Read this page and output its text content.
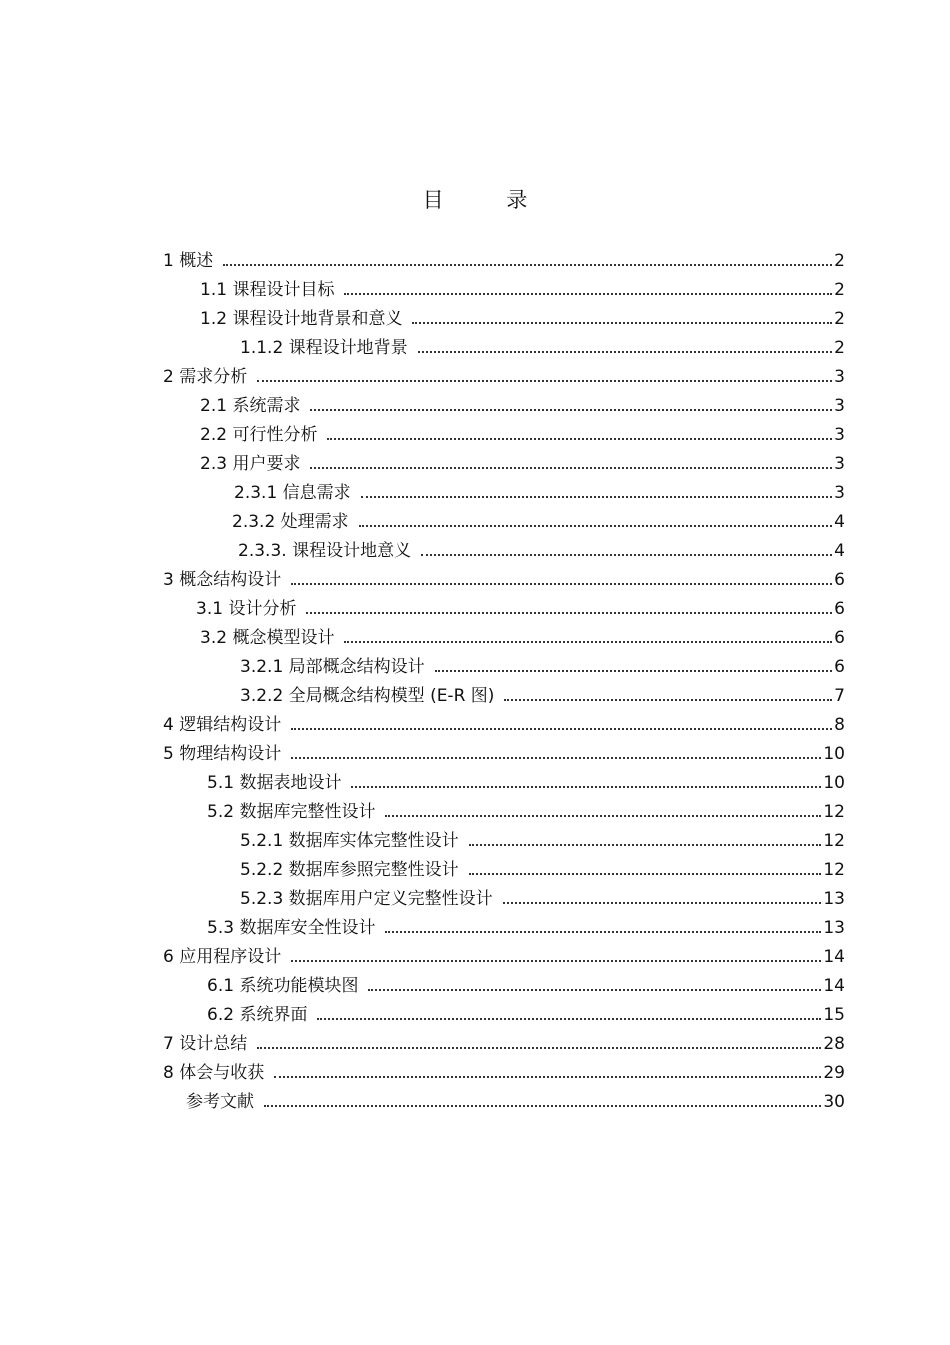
目 录
1 概述	2
1.1 课程设计目标	2
1.2 课程设计地背景和意义	2
1.1.2 课程设计地背景	2
2 需求分析	3
2.1 系统需求	3
2.2 可行性分析	3
2.3 用户要求	3
2.3.1 信息需求	3
2.3.2 处理需求	4
2.3.3. 课程设计地意义	4
3 概念结构设计	6
3.1 设计分析	6
3.2 概念模型设计	6
3.2.1 局部概念结构设计	6
3.2.2 全局概念结构模型 (E-R 图)	7
4 逻辑结构设计	8
5 物理结构设计	10
5.1 数据表地设计	10
5.2 数据库完整性设计	12
5.2.1 数据库实体完整性设计	12
5.2.2 数据库参照完整性设计	12
5.2.3 数据库用户定义完整性设计	13
5.3 数据库安全性设计	13
6 应用程序设计	14
6.1 系统功能模块图	14
6.2 系统界面	15
7 设计总结	28
8 体会与收获	29
参考文献	30
